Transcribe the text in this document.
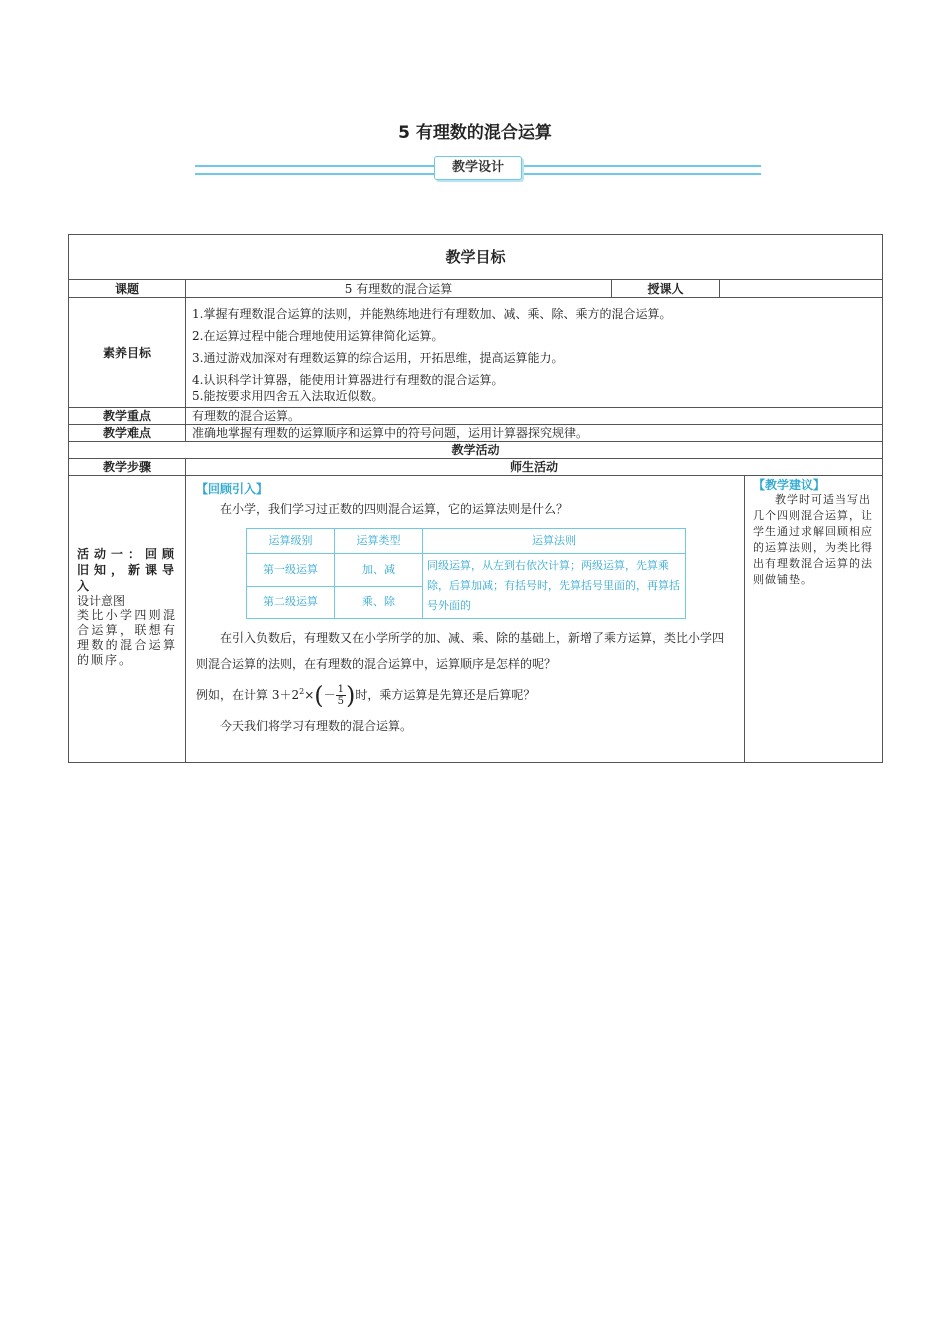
5 有理数的混合运算
教学设计
教学目标
课题	5 有理数的混合运算	授课人	
素养目标	
1.掌握有理数混合运算的法则，并能熟练地进行有理数加、减、乘、除、乘方的混合运算。
2.在运算过程中能合理地使用运算律简化运算。
3.通过游戏加深对有理数运算的综合运用，开拓思维，提高运算能力。
4.认识科学计算器，能使用计算器进行有理数的混合运算。
5.能按要求用四舍五入法取近似数。

教学重点	有理数的混合运算。
教学难点	准确地掌握有理数的运算顺序和运算中的符号问题，运用计算器探究规律。
教学活动
教学步骤	师生活动

活动一：回顾旧知，新课导入
设计意图
类比小学四则混合运算，联想有理数的混合运算的顺序。

【回顾引入】
在小学，我们学习过正数的四则混合运算，它的运算法则是什么？
运算级别	运算类型	运算法则
第一级运算	加、减	同级运算，从左到右依次计算；两级运算，先算乘除，后算加减；有括号时，先算括号里面的，再算括号外面的
第二级运算	乘、除
在引入负数后，有理数又在小学所学的加、减、乘、除的基础上，新增了乘方运算，类比小学四则混合运算的法则，在有理数的混合运算中，运算顺序是怎样的呢？
例如，在计算 $3+2^2\times(- \frac{1}{5}$ )时，乘方运算是先算还是后算呢？
今天我们将学习有理数的混合运算。

【教学建议】
教学时可适当写出几个四则混合运算，让学生通过求解回顾相应的运算法则，为类比得出有理数混合运算的法则做铺垫。
